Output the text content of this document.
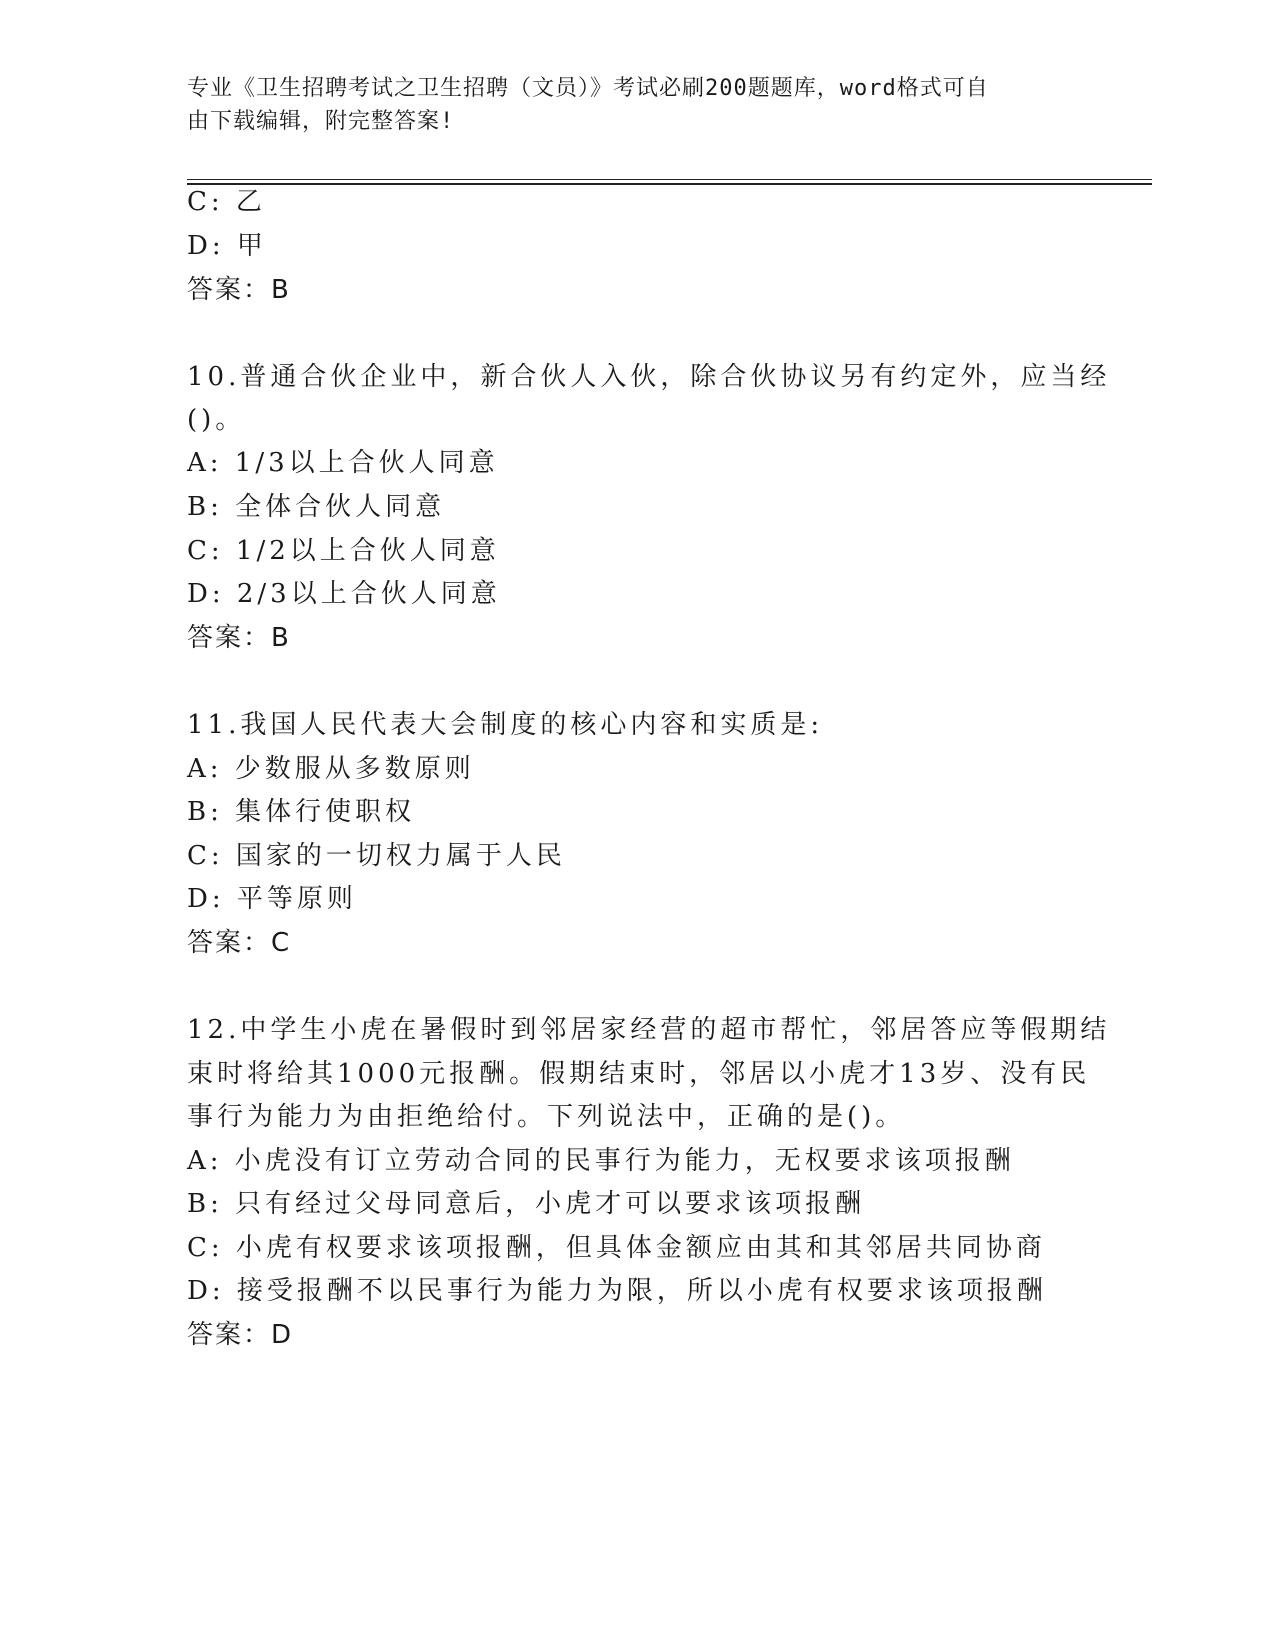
专业《卫生招聘考试之卫生招聘（文员）》考试必刷200题题库，word格式可自
由下载编辑，附完整答案!
C: 乙
D: 甲
答案：B
10.普通合伙企业中，新合伙人入伙，除合伙协议另有约定外，应当经
()。
A: 1/3以上合伙人同意
B: 全体合伙人同意
C: 1/2以上合伙人同意
D: 2/3以上合伙人同意
答案：B
11.我国人民代表大会制度的核心内容和实质是:
A: 少数服从多数原则
B: 集体行使职权
C: 国家的一切权力属于人民
D: 平等原则
答案：C
12.中学生小虎在暑假时到邻居家经营的超市帮忙，邻居答应等假期结
束时将给其1000元报酬。假期结束时，邻居以小虎才13岁、没有民
事行为能力为由拒绝给付。下列说法中，正确的是()。
A: 小虎没有订立劳动合同的民事行为能力，无权要求该项报酬
B: 只有经过父母同意后，小虎才可以要求该项报酬
C: 小虎有权要求该项报酬，但具体金额应由其和其邻居共同协商
D: 接受报酬不以民事行为能力为限，所以小虎有权要求该项报酬
答案：D
